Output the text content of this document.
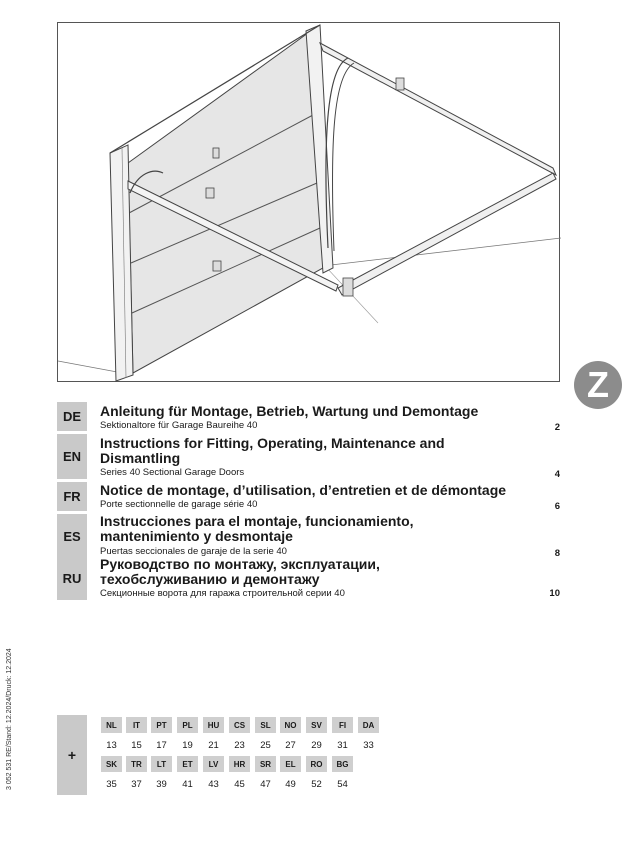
Z
DE	Anleitung für Montage, Betrieb, Wartung und Demontage
Sektionaltore für Garage Baureihe 40	2
EN
Instructions for Fitting, Operating, Maintenance and
Dismantling
Series 40 Sectional Garage Doors	4
FR	Notice de montage, d’utilisation, d’entretien et de démontage
Porte sectionnelle de garage série 40	6
ES
Instrucciones para el montaje, funcionamiento,
mantenimiento y desmontaje
Puertas seccionales de garaje de la serie 40	8
RU
Руководство по монтажу, эксплуатации,
техобслуживанию и демонтажу
Секционные ворота для гаража строительной серии 40	10
3 052 531 RE/Stand: 12.2024/Druck: 12.2024	+
NL	IT	PT	PL	HU	CS	SL	NO	SV	FI	DA
13	15	17	19	21	23	25	27	29	31	33
SK	TR	LT	ET	LV	HR	SR	EL	RO	BG
35	37	39	41	43	45	47	49	52	54
